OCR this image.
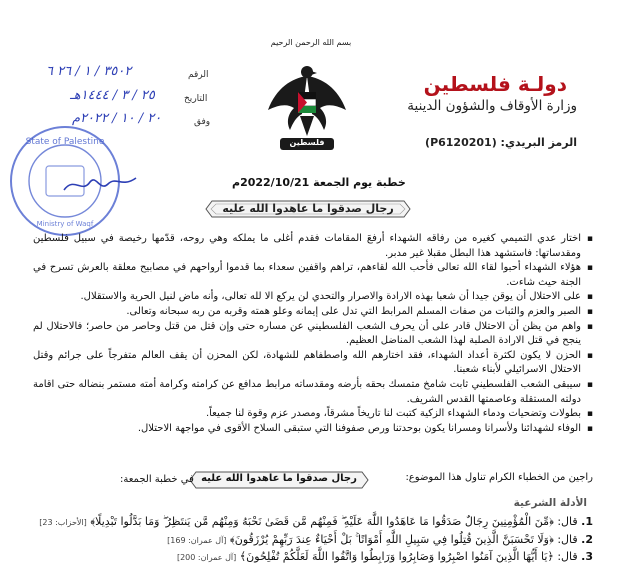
بسم الله الرحمن الرحيم
فلسطين
دولـة فلسطين
وزارة الأوقاف والشؤون الدينية
الرمز البريدي: (P6120201)
الرقم
٣٥٠٢ / ١ / ٢٦ ٦
التاريخ
٢٥ / ٣ / ١٤٤٤هـ
وفق
٢٠ / ١٠ / ٢٠٢٢م
State of Palestine
Ministry of Waqf
خطبة يوم الجمعة 2022/10/21م
رجال صدقوا ما عاهدوا الله عليه
▪ اختار عدي التميمي كغيره من رفاقه الشهداء أرفعَ المقامات فقدم أغلى ما يملكه وهي روحه، قدّمها رخيصة في سبيل فلسطين ومقدساتها: فاستشهد هذا البطل مقبلا غير مدبر.
▪ هؤلاء الشهداء أحبوا لقاء الله تعالى فأحب الله لقاءهم، تراهم واقفين سعداء بما قدموا أرواحهم في مصابيح معلقة بالعرش تسرح في الجنة حيث شاءت.
▪ على الاحتلال أن يوقن جيدا أن شعبا بهذه الارادة والاصرار والتحدي لن يركع الا لله تعالى، وأنه ماض لنيل الحرية والاستقلال.
▪ الصبر والعزم والثبات من صفات المسلم المرابط التي تدل على إيمانه وعلو همته وقربه من ربه سبحانه وتعالى.
▪ واهم من يظن أن الاحتلال قادر على أن يحرف الشعب الفلسطيني عن مساره حتى وإن قتل من قتل وحاصر من حاصر؛ فالاحتلال لم ينجح في قتل الارادة الصلبة لهذا الشعب المناضل العظيم.
▪ الحزن لا يكون لكثرة أعداد الشهداء، فقد اختارهم الله واصطفاهم للشهادة، لكن المحزن أن يقف العالم متفرجاً على جرائم وقتل الاحتلال الاسرائيلي لأبناء شعبنا.
▪ سيبقى الشعب الفلسطيني ثابت شامخ متمسك بحقه بأرضه ومقدساته مرابط مدافع عن كرامته وكرامة أمته مستمر بنضاله حتى اقامة دولته المستقلة وعاصمتها القدس الشريف.
▪ بطولات وتضحيات ودماء الشهداء الزكية كتبت لنا تاريخاً مشرقاً، ومصدر عزم وقوة لنا جميعاً.
▪ الوفاء لشهدائنا ولأسرانا ومسرانا يكون بوحدتنا ورص صفوفنا التي ستبقى السلاح الأقوى في مواجهة الاحتلال.
راجين من الخطباء الكرام تناول هذا الموضوع:
رجال صدقوا ما عاهدوا الله عليه
في خطبة الجمعة:
الأدلة الشرعية
1. قال: ﴿مِّنَ الْمُؤْمِنِينَ رِجَالٌ صَدَقُوا مَا عَاهَدُوا اللَّهَ عَلَيْهِ ۖ فَمِنْهُم مَّن قَضَىٰ نَحْبَهُ وَمِنْهُم مَّن يَنتَظِرُ ۖ وَمَا بَدَّلُوا تَبْدِيلًا﴾ [الأحزاب: 23]
2. قال: ﴿وَلَا تَحْسَبَنَّ الَّذِينَ قُتِلُوا فِي سَبِيلِ اللَّهِ أَمْوَاتًا ۚ بَلْ أَحْيَاءٌ عِندَ رَبِّهِمْ يُرْزَقُونَ﴾ [آل عمران: 169]
3. قال: ﴿يَا أَيُّهَا الَّذِينَ آمَنُوا اصْبِرُوا وَصَابِرُوا وَرَابِطُوا وَاتَّقُوا اللَّهَ لَعَلَّكُمْ تُفْلِحُونَ﴾ [آل عمران: 200]
